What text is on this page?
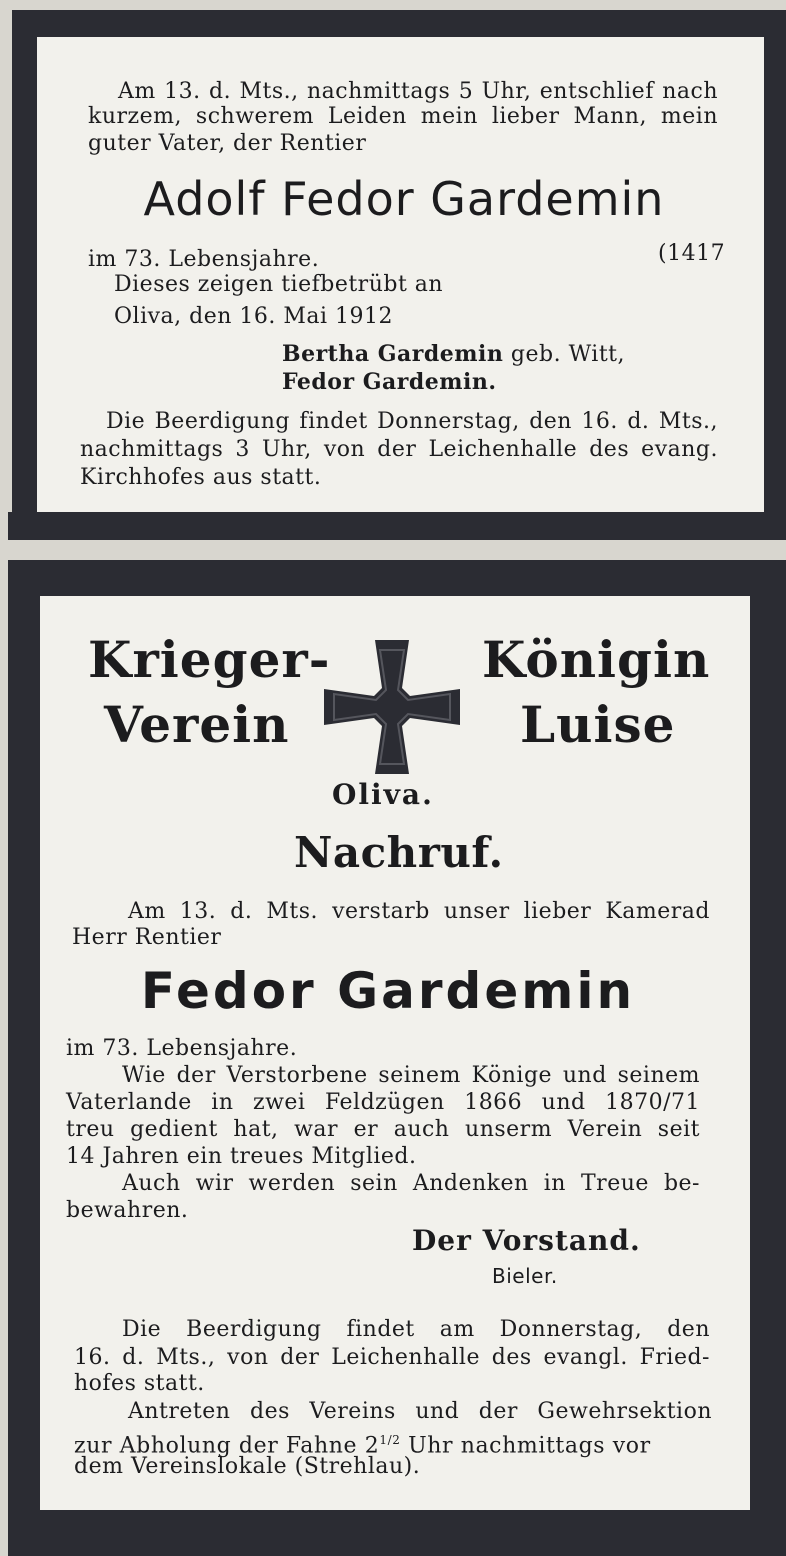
Am 13. d. Mts., nachmittags 5 Uhr, entschlief nach

kurzem, schwerem Leiden mein lieber Mann, mein

guter Vater, der Rentier

Adolf Fedor Gardemin

im 73. Lebensjahre.	(1417

Dieses zeigen tiefbetrübt an

Oliva, den 16. Mai 1912

Bertha Gardemin geb. Witt,

Fedor Gardemin.

Die Beerdigung findet Donnerstag, den 16. d. Mts.,

nachmittags 3 Uhr, von der Leichenhalle des evang.

Kirchhofes aus statt.

Krieger-

Verein

Königin

Luise

Oliva.

Nachruf.

Am 13. d. Mts. verstarb unser lieber Kamerad

Herr Rentier

Fedor Gardemin

im 73. Lebensjahre.

Wie der Verstorbene seinem Könige und seinem

Vaterlande in zwei Feldzügen 1866 und 1870/71

treu gedient hat, war er auch unserm Verein seit

14 Jahren ein treues Mitglied.

Auch wir werden sein Andenken in Treue be-

bewahren.

Der Vorstand.

Bieler.

Die Beerdigung findet am Donnerstag, den

16. d. Mts., von der Leichenhalle des evangl. Fried-

hofes statt.

Antreten des Vereins und der Gewehrsektion

zur Abholung der Fahne $2^{1/2}$ Uhr nachmittags vor

dem Vereinslokale (Strehlau).
